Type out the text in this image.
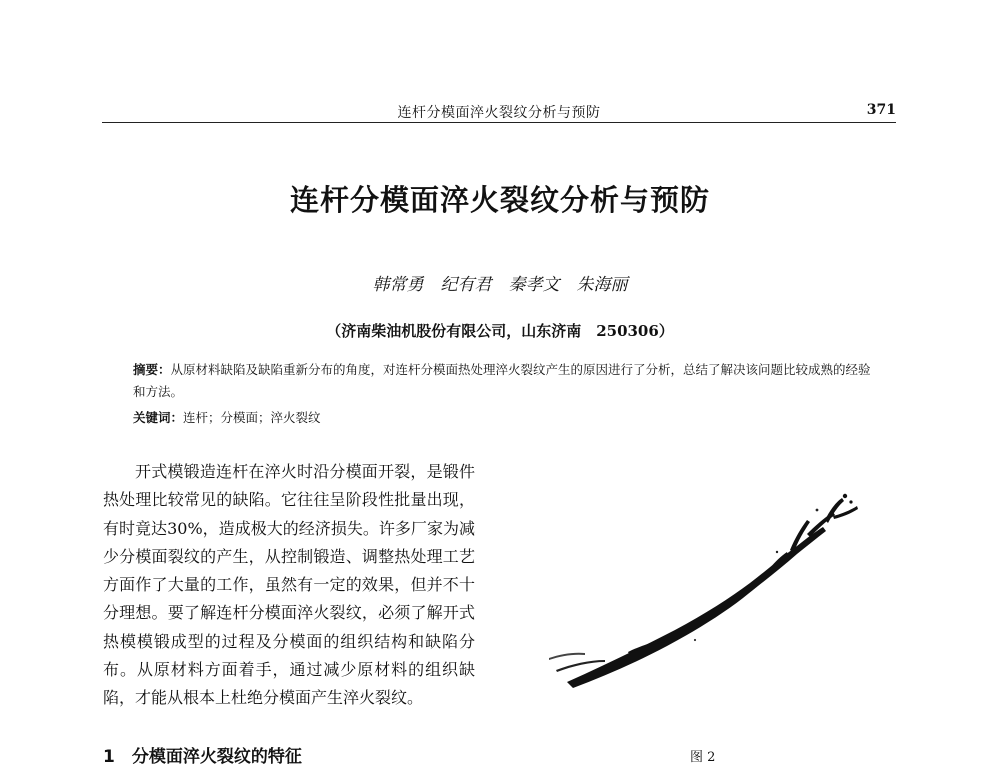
连杆分模面淬火裂纹分析与预防	371
连杆分模面淬火裂纹分析与预防
韩常勇　纪有君　秦孝文　朱海丽
（济南柴油机股份有限公司，山东济南　250306）
摘要：从原材料缺陷及缺陷重新分布的角度，对连杆分模面热处理淬火裂纹产生的原因进行了分析，总结了解决该问题比较成熟的经验和方法。
关键词：连杆；分模面；淬火裂纹

开式模锻造连杆在淬火时沿分模面开裂，是锻件热处理比较常见的缺陷。它往往呈阶段性批量出现，有时竟达30%，造成极大的经济损失。许多厂家为减少分模面裂纹的产生，从控制锻造、调整热处理工艺方面作了大量的工作，虽然有一定的效果，但并不十分理想。要了解连杆分模面淬火裂纹，必须了解开式热模模锻成型的过程及分模面的组织结构和缺陷分布。从原材料方面着手，通过减少原材料的组织缺陷，才能从根本上杜绝分模面产生淬火裂纹。

1　分模面淬火裂纹的特征	图 2
